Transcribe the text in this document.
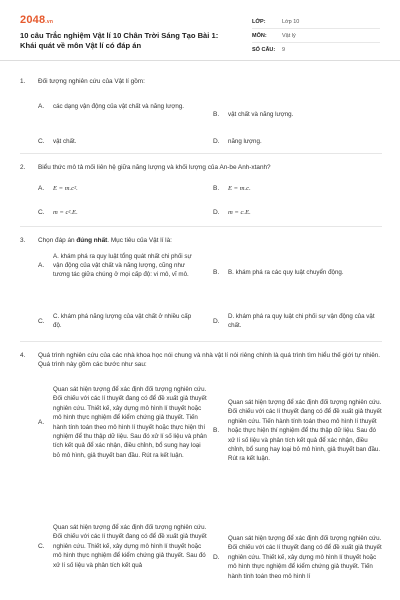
2048.vn
10 câu Trắc nghiệm Vật lí 10 Chân Trời Sáng Tạo Bài 1: Khái quát về môn Vật lí có đáp án
LỚP:	Lớp 10
MÔN:	Vật lý
SỐ CÂU:	9
1.	Đối tượng nghiên cứu của Vật lí gồm:
A.	các dạng vận động của vật chất và năng lượng.
B.	vật chất và năng lượng.
C.	vật chất.	D.	năng lượng.
2.	Biểu thức mô tả mối liên hệ giữa năng lượng và khối lượng của An-be Anh-xtanh?
A.	E = m.c².	B.	E = m.c.
C.	m = c².E.	D.	m = c.E.
3.	Chọn đáp án đúng nhất. Mục tiêu của Vật lí là:
A.
A. khám phá ra quy luật tổng quát nhất chi phối sự vận động của vật chất và năng lượng, cũng như tương tác giữa chúng ở mọi cấp độ: vi mô, vĩ mô.	B.	B. khám phá ra các quy luật chuyển động.
C.
C. khám phá năng lượng của vật chất ở nhiều cấp độ.
D.
D. khám phá ra quy luật chi phối sự vận động của vật chất.
4.	Quá trình nghiên cứu của các nhà khoa học nói chung và nhà vật lí nói riêng chính là quá trình tìm hiểu thế giới tự nhiên. Quá trình này gồm các bước như sau:
A.
Quan sát hiện tượng để xác định đối tượng nghiên cứu. Đối chiếu với các lí thuyết đang có để đề xuất giả thuyết nghiên cứu. Thiết kế, xây dựng mô hình lí thuyết hoặc mô hình thực nghiệm để kiểm chứng giả thuyết. Tiến hành tính toán theo mô hình lí thuyết hoặc thực hiện thí nghiệm để thu thập dữ liệu. Sau đó xử lí số liệu và phân tích kết quả để xác nhận, điều chỉnh, bổ sung hay loại bỏ mô hình, giả thuyết ban đầu. Rút ra kết luận.
B.
Quan sát hiện tượng để xác định đối tượng nghiên cứu. Đối chiếu với các lí thuyết đang có để đề xuất giả thuyết nghiên cứu. Tiến hành tính toán theo mô hình lí thuyết hoặc thực hiện thí nghiệm để thu thập dữ liệu. Sau đó xử lí số liệu và phân tích kết quả để xác nhận, điều chỉnh, bổ sung hay loại bỏ mô hình, giả thuyết ban đầu. Rút ra kết luận.
C.
Quan sát hiện tượng để xác định đối tượng nghiên cứu. Đối chiếu với các lí thuyết đang có để đề xuất giả thuyết nghiên cứu. Thiết kế, xây dựng mô hình lí thuyết hoặc mô hình thực nghiệm để kiểm chứng giả thuyết. Sau đó xử lí số liệu và phân tích kết quả
D.
Quan sát hiện tượng để xác định đối tượng nghiên cứu. Đối chiếu với các lí thuyết đang có để đề xuất giả thuyết nghiên cứu. Thiết kế, xây dựng mô hình lí thuyết hoặc mô hình thực nghiệm để kiểm chứng giả thuyết. Tiến hành tính toán theo mô hình lí
